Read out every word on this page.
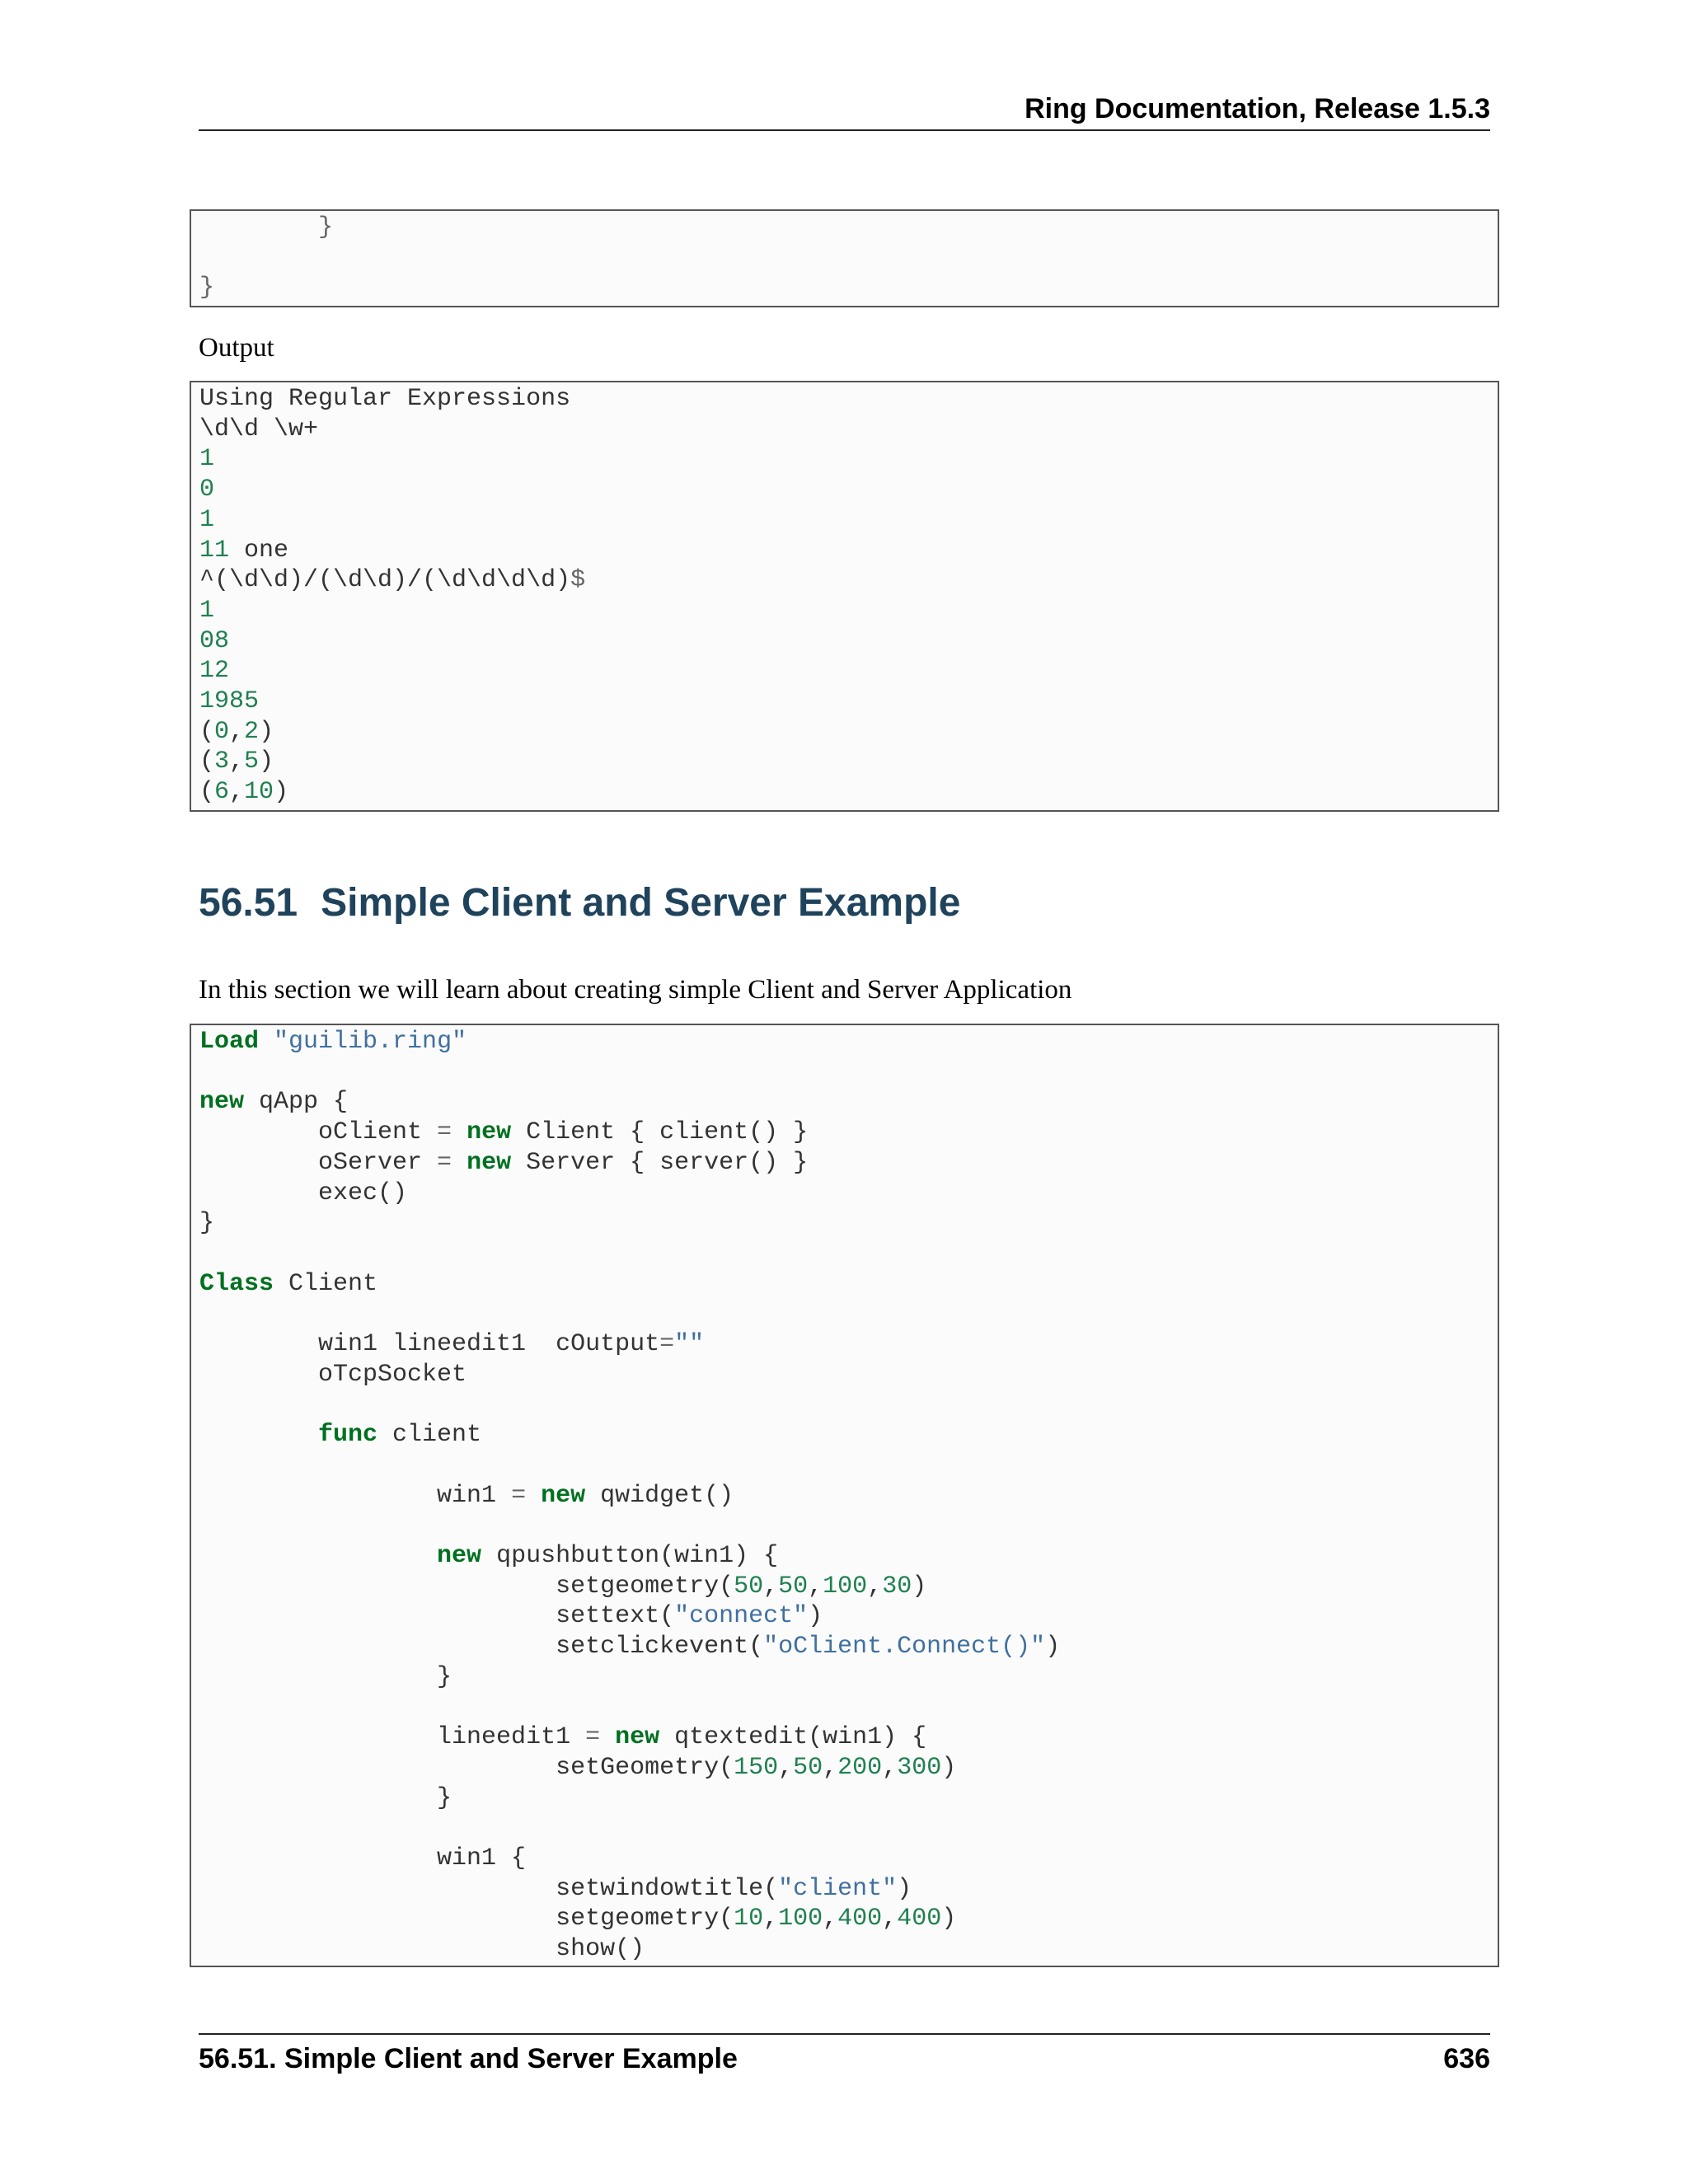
Ring Documentation, Release 1.5.3
}

}
Output
Using Regular Expressions
\d\d \w+
1
0
1
11 one
^(\d\d)/(\d\d)/(\d\d\d\d)$
1
08
12
1985
(0,2)
(3,5)
(6,10)
56.51 Simple Client and Server Example
In this section we will learn about creating simple Client and Server Application
Load "guilib.ring"

new qApp {
oClient = new Client { client() }
oServer = new Server { server() }
exec()
}

Class Client

win1 lineedit1  cOutput=""
oTcpSocket

func client

win1 = new qwidget()

new qpushbutton(win1) {
setgeometry(50,50,100,30)
settext("connect")
setclickevent("oClient.Connect()")
}

lineedit1 = new qtextedit(win1) {
setGeometry(150,50,200,300)
}

win1 {
setwindowtitle("client")
setgeometry(10,100,400,400)
show()
56.51. Simple Client and Server Example	636
